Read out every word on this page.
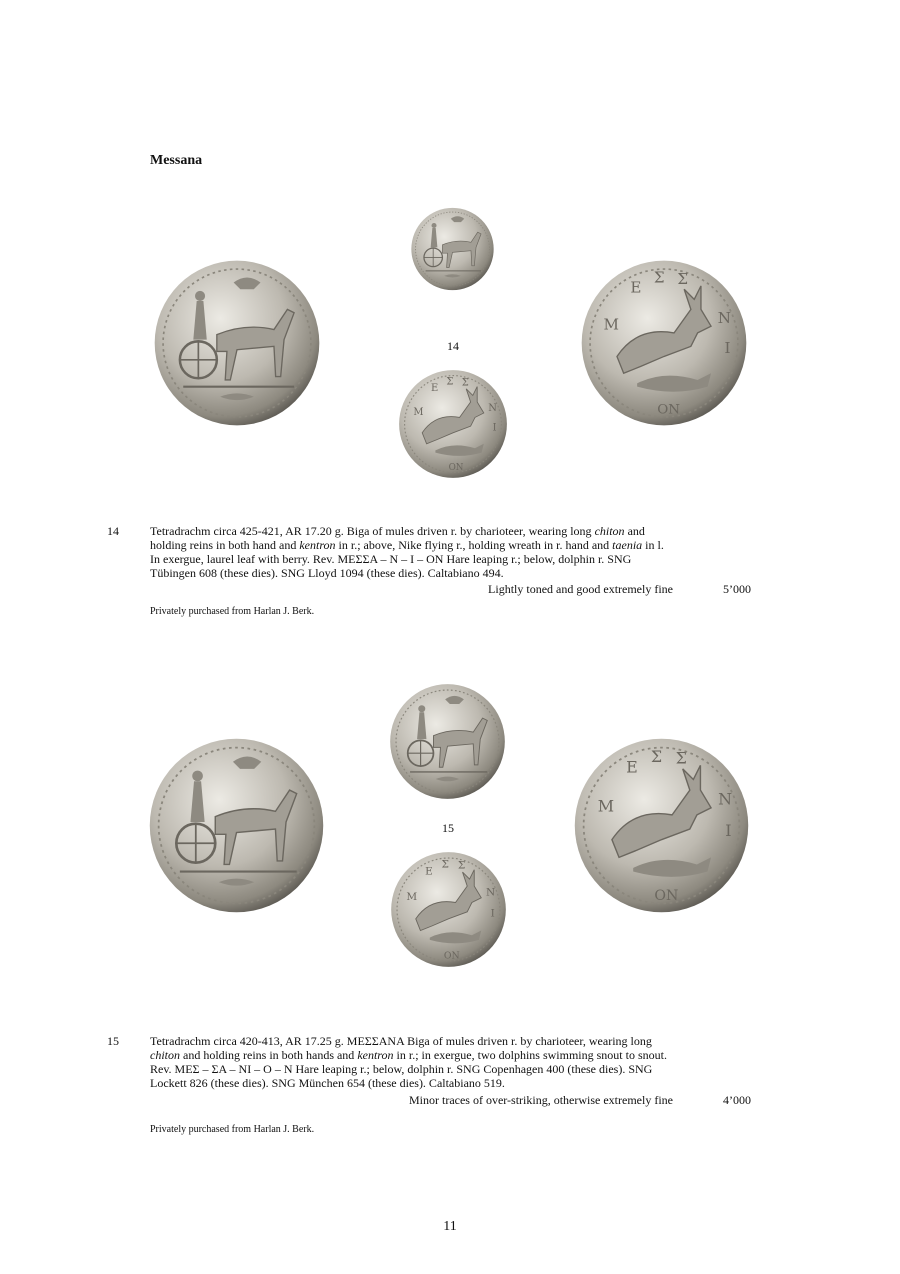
Messana
14
14	Tetradrachm circa 425-421, AR 17.20 g. Biga of mules driven r. by charioteer, wearing long chiton and
holding reins in both hand and kentron in r.; above, Nike flying r., holding wreath in r. hand and taenia in l.
In exergue, laurel leaf with berry. Rev. ΜΕΣΣΑ – Ν – Ι – ΟΝ Hare leaping r.; below, dolphin r. SNG
Tübingen 608 (these dies). SNG Lloyd 1094 (these dies). Caltabiano 494.
Lightly toned and good extremely fine	5’000
Privately purchased from Harlan J. Berk.
15
15	Tetradrachm circa 420-413, AR 17.25 g. ΜΕΣΣΑΝΑ Biga of mules driven r. by charioteer, wearing long
chiton and holding reins in both hands and kentron in r.; in exergue, two dolphins swimming snout to snout.
Rev. ΜΕΣ – ΣΑ – ΝΙ – Ο – Ν Hare leaping r.; below, dolphin r. SNG Copenhagen 400 (these dies). SNG
Lockett 826 (these dies). SNG München 654 (these dies). Caltabiano 519.
Minor traces of over-striking, otherwise extremely fine	4’000
Privately purchased from Harlan J. Berk.
11
